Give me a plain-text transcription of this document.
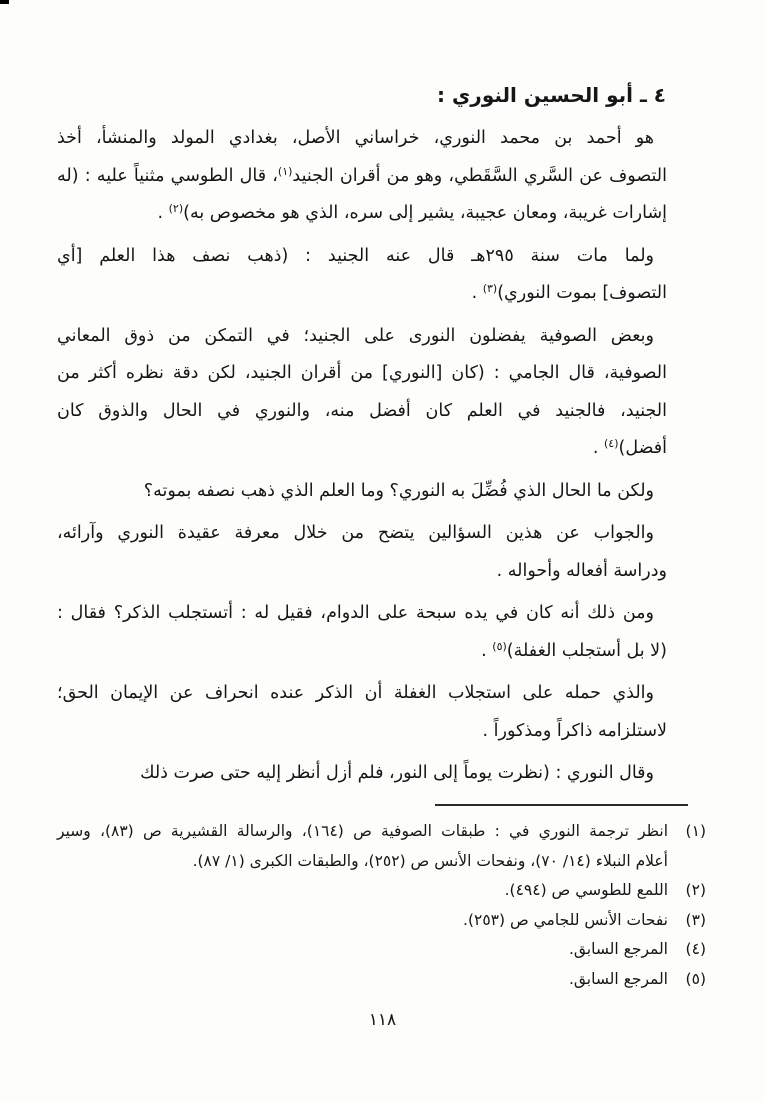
٤ ـ أبو الحسين النوري :
هو أحمد بن محمد النوري، خراساني الأصل، بغدادي المولد والمنشأ، أخذ
التصوف عن السَّري السَّقَطي، وهو من أقران الجنيد$^{(١)}$، قال الطوسي مثنياً عليه : (له
إشارات غريبة، ومعان عجيبة، يشير إلى سره، الذي هو مخصوص به)$^{(٢)}$ .
ولما مات سنة ٢٩٥هـ قال عنه الجنيد : (ذهب نصف هذا العلم [أي
التصوف] بموت النوري)$^{(٣)}$ .
وبعض الصوفية يفضلون النورى على الجنيد؛ في التمكن من ذوق المعاني
الصوفية، قال الجامي : (كان [النوري] من أقران الجنيد، لكن دقة نظره أكثر من
الجنيد، فالجنيد في العلم كان أفضل منه، والنوري في الحال والذوق كان
أفضل)$^{(٤)}$ .
ولكن ما الحال الذي فُضِّلَ به النوري؟ وما العلم الذي ذهب نصفه بموته؟
والجواب عن هذين السؤالين يتضح من خلال معرفة عقيدة النوري وآرائه،
ودراسة أفعاله وأحواله .
ومن ذلك أنه كان في يده سبحة على الدوام، فقيل له : أتستجلب الذكر؟ فقال :
(لا بل أستجلب الغفلة)$^{(٥)}$ .
والذي حمله على استجلاب الغفلة أن الذكر عنده انحراف عن الإيمان الحق؛
لاستلزامه ذاكراً ومذكوراً .
وقال النوري : (نظرت يوماً إلى النور، فلم أزل أنظر إليه حتى صرت ذلك
(١)
انظر ترجمة النوري في : طبقات الصوفية ص (١٦٤)، والرسالة القشيرية ص (٨٣)، وسير
أعلام النبلاء (١٤/ ٧٠)، ونفحات الأنس ص (٢٥٢)، والطبقات الكبرى (١/ ٨٧).
(٢)
اللمع للطوسي ص (٤٩٤).
(٣)
نفحات الأنس للجامي ص (٢٥٣).
(٤)
المرجع السابق.
(٥)
المرجع السابق.
١١٨
